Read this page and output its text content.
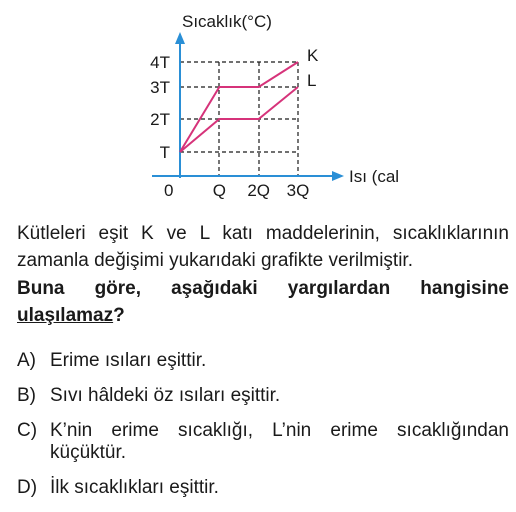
Sıcaklık(°C)
Isı (cal
0
T
2T
3T
4T
Q 2Q 3Q
K
L
Kütleleri eşit K ve L katı maddelerinin, sıcaklıklarının zamanla değişimi yukarıdaki grafikte verilmiştir.
Buna göre, aşağıdaki yargılardan hangisine ulaşılamaz?
A) Erime ısıları eşittir.
B) Sıvı hâldeki öz ısıları eşittir.
C) K’nin erime sıcaklığı, L’nin erime sıcaklığından küçüktür.
D) İlk sıcaklıkları eşittir.
